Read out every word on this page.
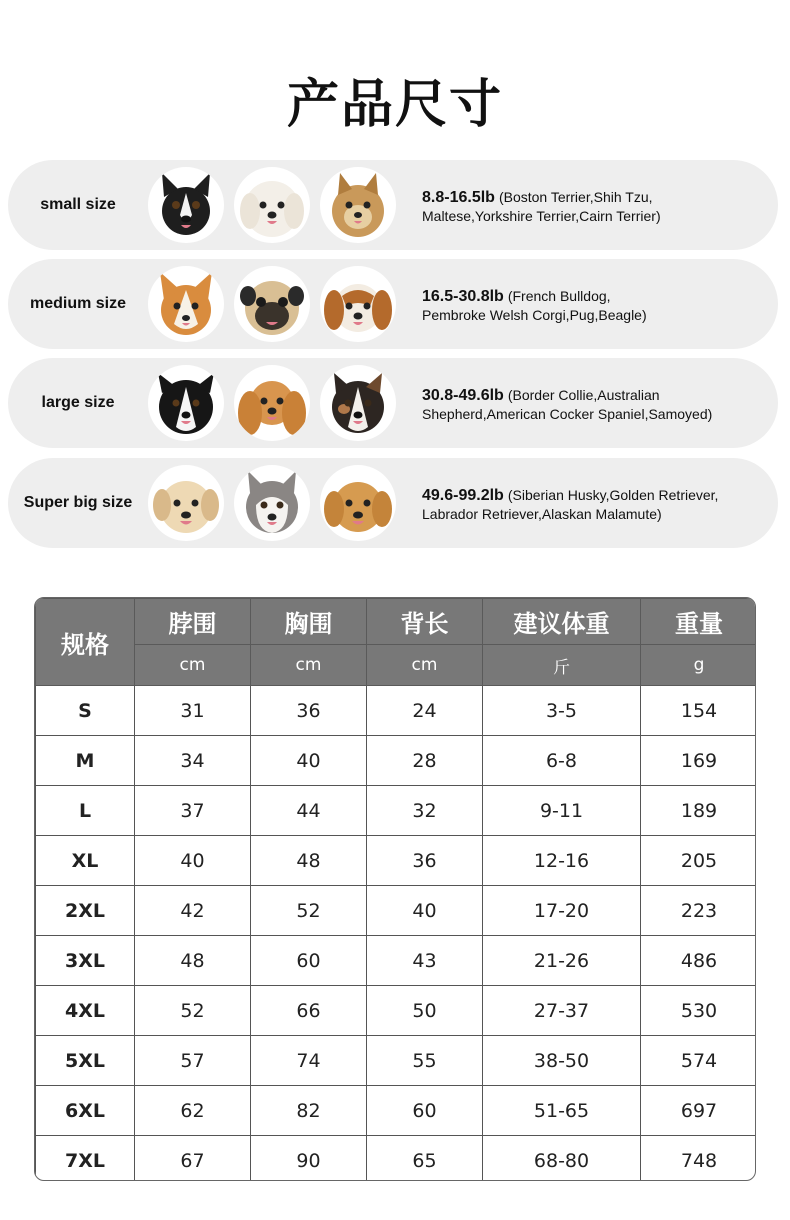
产品尺寸
small size	8.8-16.5lb (Boston Terrier,Shih Tzu,
Maltese,Yorkshire Terrier,Cairn Terrier)
medium size	16.5-30.8lb (French Bulldog,
Pembroke Welsh Corgi,Pug,Beagle)
large size	30.8-49.6lb (Border Collie,Australian
Shepherd,American Cocker Spaniel,Samoyed)
Super big size	49.6-99.2lb (Siberian Husky,Golden Retriever,
Labrador Retriever,Alaskan Malamute)
规格	脖围	胸围	背长	建议体重	重量
	cm	cm	cm	斤	g
S	31	36	24	3-5	154
M	34	40	28	6-8	169
L	37	44	32	9-11	189
XL	40	48	36	12-16	205
2XL	42	52	40	17-20	223
3XL	48	60	43	21-26	486
4XL	52	66	50	27-37	530
5XL	57	74	55	38-50	574
6XL	62	82	60	51-65	697
7XL	67	90	65	68-80	748
